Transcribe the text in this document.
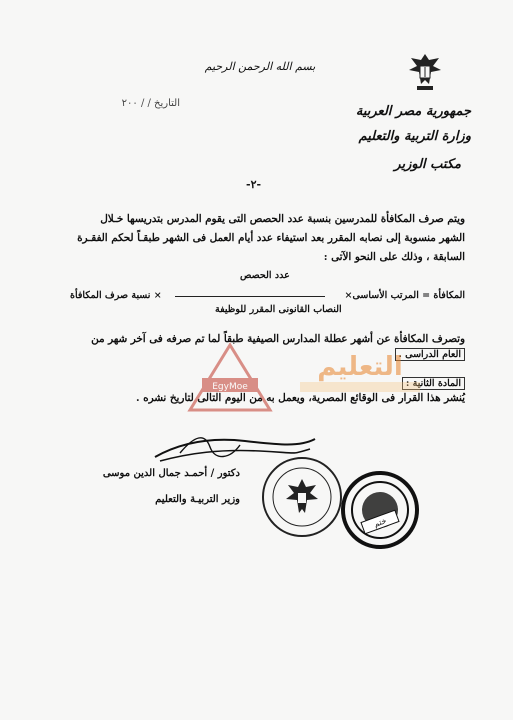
بسم الله الرحمن الرحيم
التاريخ / / ٢٠٠
جمهورية مصر العربية
وزارة التربية والتعليم
مكتب الوزير
-٢-
ويتم صرف المكافأة للمدرسين بنسبة عدد الحصص التى يقوم المدرس بتدريسها خـلال
الشهر منسوبة إلى نصابه المقرر بعد استيفاء عدد أيام العمل فى الشهر طبقـاً لحكم الفقـرة
السابقة ، وذلك على النحو الآتى :
عدد الحصص
المكافأة = المرتب الأساسى×
× نسبة صرف المكافأة
النصاب القانونى المقرر للوظيفة
وتصرف المكافأة عن أشهر عطلة المدارس الصيفية طبقاً لما تم صرفه فى آخر شهر من
العام الدراسى .
المادة الثانية :
يُنشر هذا القرار فى الوقائع المصرية، ويعمل به من اليوم التالى لتاريخ نشره .
EgyMoe
التعليم
دكتور / أحمـد جمال الدين موسى
وزير التربيـة والتعليم
ختم
